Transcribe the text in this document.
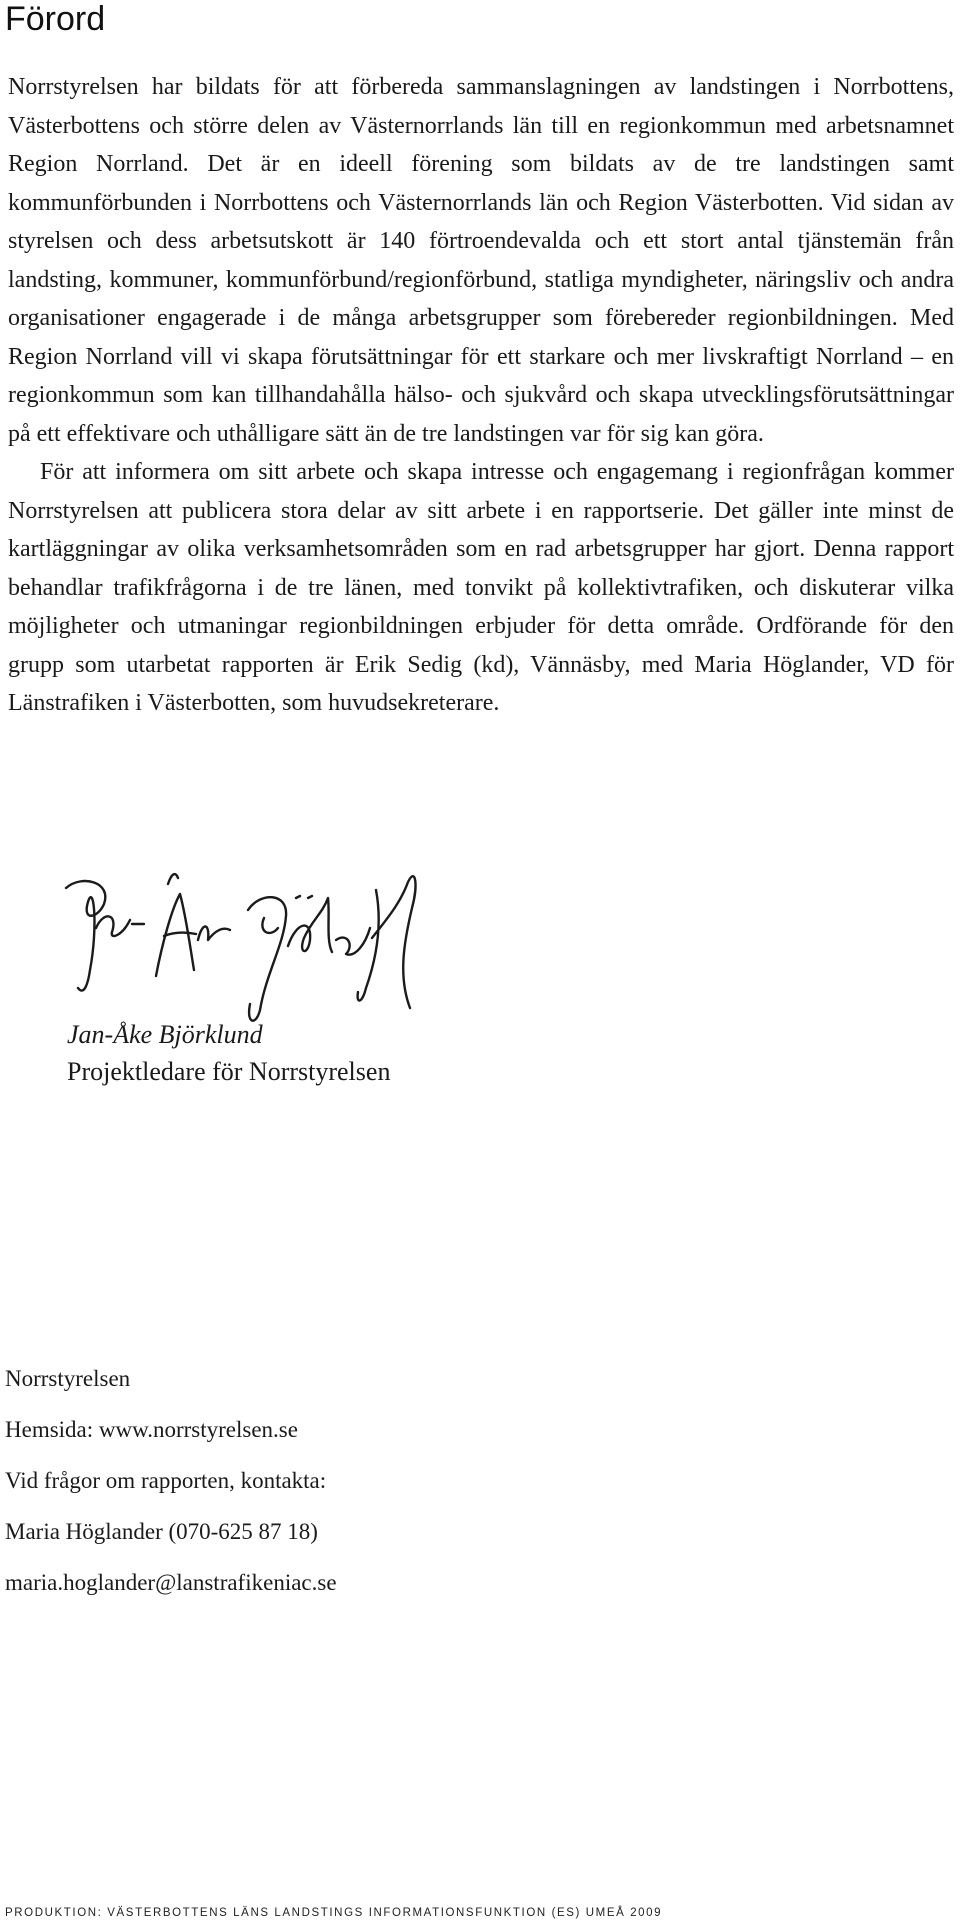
Förord

Norrstyrelsen har bildats för att förbereda sammanslagningen av landstingen i Norrbottens, Västerbottens och större delen av Västernorrlands län till en regionkommun med arbetsnamnet Region Norrland. Det är en ideell förening som bildats av de tre landstingen samt kommunförbunden i Norrbottens och Västernorrlands län och Region Västerbotten. Vid sidan av styrelsen och dess arbetsutskott är 140 förtroendevalda och ett stort antal tjänstemän från landsting, kommuner, kommunförbund/regionförbund, statliga myndigheter, näringsliv och andra organisationer engagerade i de många arbetsgrupper som förebereder regionbildningen. Med Region Norrland vill vi skapa förutsättningar för ett starkare och mer livskraftigt Norrland – en regionkommun som kan tillhandahålla hälso- och sjukvård och skapa utvecklingsförutsättningar på ett effektivare och uthålligare sätt än de tre landstingen var för sig kan göra.

För att informera om sitt arbete och skapa intresse och engagemang i regionfrågan kommer Norrstyrelsen att publicera stora delar av sitt arbete i en rapportserie. Det gäller inte minst de kartläggningar av olika verksamhetsområden som en rad arbetsgrupper har gjort. Denna rapport behandlar trafikfrågorna i de tre länen, med tonvikt på kollektivtrafiken, och diskuterar vilka möjligheter och utmaningar regionbildningen erbjuder för detta område. Ordförande för den grupp som utarbetat rapporten är Erik Sedig (kd), Vännäsby, med Maria Höglander, VD för Länstrafiken i Västerbotten, som huvudsekreterare.

Jan-Åke Björklund
Projektledare för Norrstyrelsen
Norrstyrelsen
Hemsida: www.norrstyrelsen.se
Vid frågor om rapporten, kontakta:
Maria Höglander (070-625 87 18)
maria.hoglander@lanstrafikeniac.se
PRODUKTION: VÄSTERBOTTENS LÄNS LANDSTINGS INFORMATIONSFUNKTION (ES) UMEÅ 2009
